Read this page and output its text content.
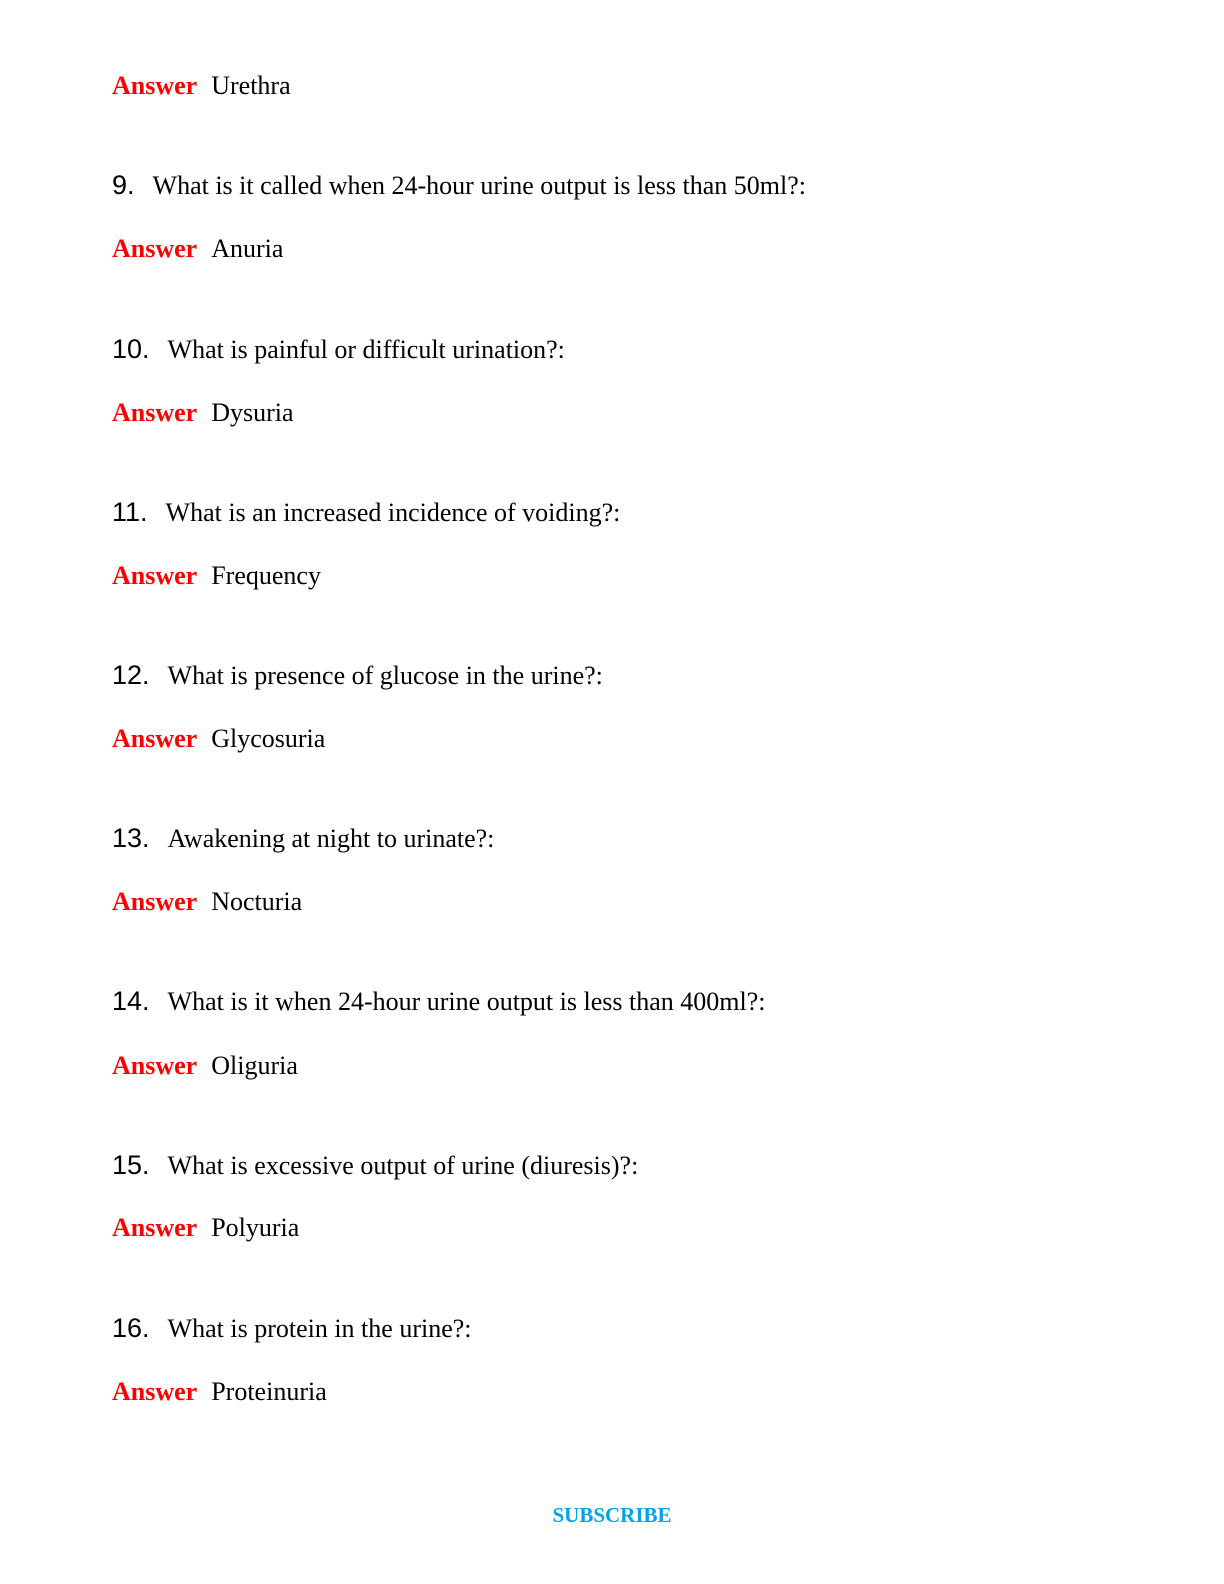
Answer Urethra
9. What is it called when 24-hour urine output is less than 50ml?:
Answer Anuria
10. What is painful or difficult urination?:
Answer Dysuria
11. What is an increased incidence of voiding?:
Answer Frequency
12. What is presence of glucose in the urine?:
Answer Glycosuria
13. Awakening at night to urinate?:
Answer Nocturia
14. What is it when 24-hour urine output is less than 400ml?:
Answer Oliguria
15. What is excessive output of urine (diuresis)?:
Answer Polyuria
16. What is protein in the urine?:
Answer Proteinuria
SUBSCRIBE
